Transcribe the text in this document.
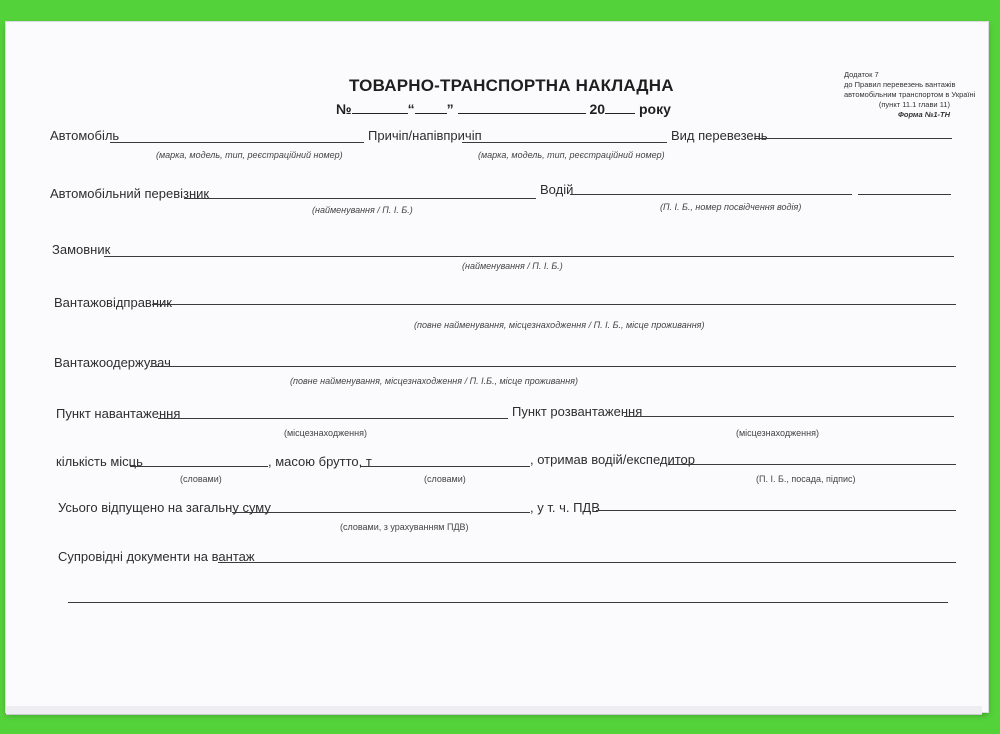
ТОВАРНО-ТРАНСПОРТНА НАКЛАДНА
№	“ ”	20 року
Додаток 7
до Правил перевезень вантажів
автомобільним транспортом в Україні
(пункт 11.1 глави 11)
Форма №1-ТН
Автомобіль
(марка, модель, тип, реєстраційний номер)
Причіп/напівпричіп
(марка, модель, тип, реєстраційний номер)
Вид перевезень
Автомобільний перевізник
(найменування / П. І. Б.)
Водій
(П. І. Б., номер посвідчення водія)
Замовник
(найменування / П. І. Б.)
Вантажовідправник
(повне найменування, місцезнаходження / П. І. Б., місце проживання)
Вантажоодержувач
(повне найменування, місцезнаходження / П. І.Б., місце проживання)
Пункт навантаження
(місцезнаходження)
Пункт розвантаження
(місцезнаходження)
кількість місць
(словами)
, масою брутто, т
(словами)
, отримав водій/експедитор
(П. І. Б., посада, підпис)
Усього відпущено на загальну суму
(словами, з урахуванням ПДВ)
, у т. ч. ПДВ
Супровідні документи на вантаж
